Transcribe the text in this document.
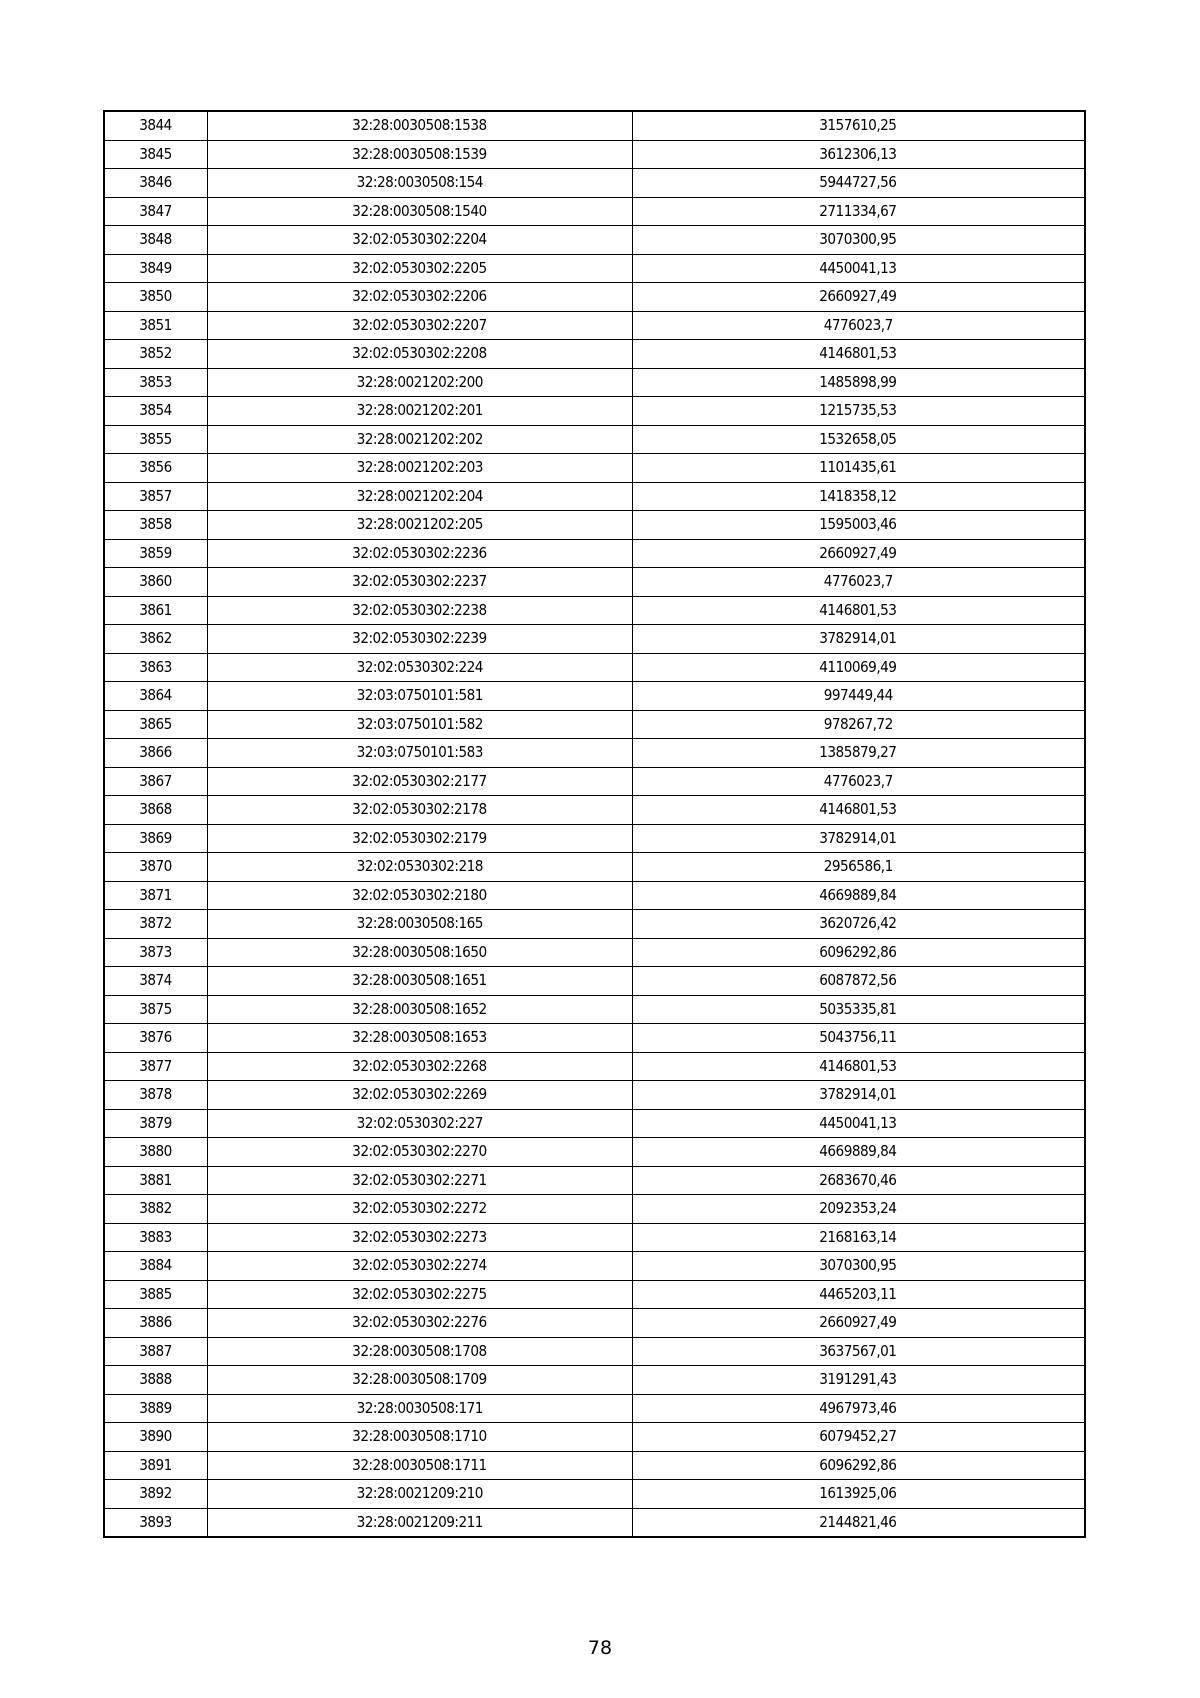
3844	32:28:0030508:1538	3157610,25
3845	32:28:0030508:1539	3612306,13
3846	32:28:0030508:154	5944727,56
3847	32:28:0030508:1540	2711334,67
3848	32:02:0530302:2204	3070300,95
3849	32:02:0530302:2205	4450041,13
3850	32:02:0530302:2206	2660927,49
3851	32:02:0530302:2207	4776023,7
3852	32:02:0530302:2208	4146801,53
3853	32:28:0021202:200	1485898,99
3854	32:28:0021202:201	1215735,53
3855	32:28:0021202:202	1532658,05
3856	32:28:0021202:203	1101435,61
3857	32:28:0021202:204	1418358,12
3858	32:28:0021202:205	1595003,46
3859	32:02:0530302:2236	2660927,49
3860	32:02:0530302:2237	4776023,7
3861	32:02:0530302:2238	4146801,53
3862	32:02:0530302:2239	3782914,01
3863	32:02:0530302:224	4110069,49
3864	32:03:0750101:581	997449,44
3865	32:03:0750101:582	978267,72
3866	32:03:0750101:583	1385879,27
3867	32:02:0530302:2177	4776023,7
3868	32:02:0530302:2178	4146801,53
3869	32:02:0530302:2179	3782914,01
3870	32:02:0530302:218	2956586,1
3871	32:02:0530302:2180	4669889,84
3872	32:28:0030508:165	3620726,42
3873	32:28:0030508:1650	6096292,86
3874	32:28:0030508:1651	6087872,56
3875	32:28:0030508:1652	5035335,81
3876	32:28:0030508:1653	5043756,11
3877	32:02:0530302:2268	4146801,53
3878	32:02:0530302:2269	3782914,01
3879	32:02:0530302:227	4450041,13
3880	32:02:0530302:2270	4669889,84
3881	32:02:0530302:2271	2683670,46
3882	32:02:0530302:2272	2092353,24
3883	32:02:0530302:2273	2168163,14
3884	32:02:0530302:2274	3070300,95
3885	32:02:0530302:2275	4465203,11
3886	32:02:0530302:2276	2660927,49
3887	32:28:0030508:1708	3637567,01
3888	32:28:0030508:1709	3191291,43
3889	32:28:0030508:171	4967973,46
3890	32:28:0030508:1710	6079452,27
3891	32:28:0030508:1711	6096292,86
3892	32:28:0021209:210	1613925,06
3893	32:28:0021209:211	2144821,46
78
